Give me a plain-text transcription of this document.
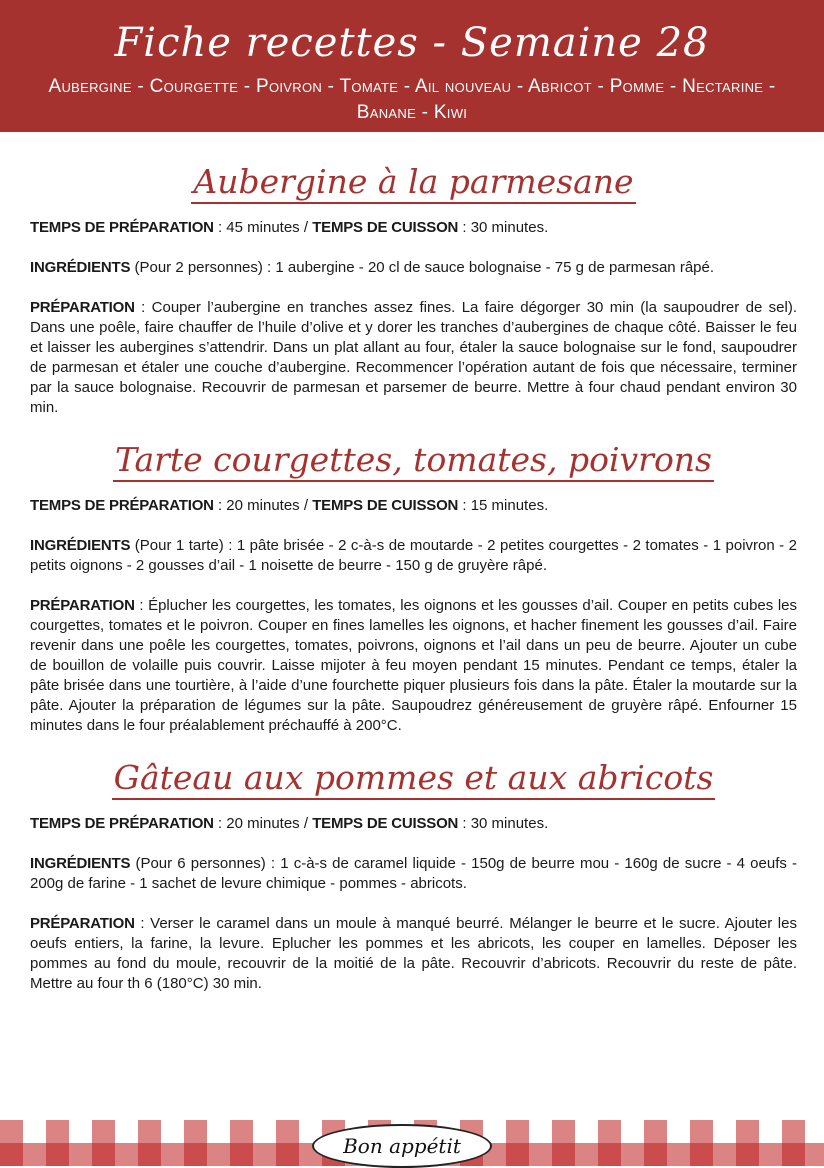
Fiche recettes - Semaine 28
Aubergine - Courgette - Poivron - Tomate - Ail nouveau - Abricot - Pomme - Nectarine - Banane - Kiwi
Aubergine à la parmesane

TEMPS DE PRÉPARATION : 45 minutes / TEMPS DE CUISSON : 30 minutes.

INGRÉDIENTS (Pour 2 personnes) : 1 aubergine - 20 cl de sauce bolognaise - 75 g de parmesan râpé.

PRÉPARATION : Couper l’aubergine en tranches assez fines. La faire dégorger 30 min (la saupoudrer de sel). Dans une poêle, faire chauffer de l’huile d’olive et y dorer les tranches d’aubergines de chaque côté. Baisser le feu et laisser les aubergines s’attendrir. Dans un plat allant au four, étaler la sauce bolognaise sur le fond, saupoudrer de parmesan et étaler une couche d’aubergine. Recommencer l’opération autant de fois que nécessaire, terminer par la sauce bolognaise. Recouvrir de parmesan et parsemer de beurre. Mettre à four chaud pendant environ 30 min.

Tarte courgettes, tomates, poivrons

TEMPS DE PRÉPARATION : 20 minutes / TEMPS DE CUISSON : 15 minutes.

INGRÉDIENTS (Pour 1 tarte) : 1 pâte brisée - 2 c-à-s de moutarde - 2 petites courgettes - 2 tomates - 1 poivron - 2 petits oignons - 2 gousses d’ail - 1 noisette de beurre - 150 g de gruyère râpé.

PRÉPARATION : Éplucher les courgettes, les tomates, les oignons et les gousses d’ail. Couper en petits cubes les courgettes, tomates et le poivron. Couper en fines lamelles les oignons, et hacher finement les gousses d’ail. Faire revenir dans une poêle les courgettes, tomates, poivrons, oignons et l’ail dans un peu de beurre. Ajouter un cube de bouillon de volaille puis couvrir. Laisse mijoter à feu moyen pendant 15 minutes. Pendant ce temps, étaler la pâte brisée dans une tourtière, à l’aide d’une fourchette piquer plusieurs fois dans la pâte. Étaler la moutarde sur la pâte. Ajouter la préparation de légumes sur la pâte. Saupoudrez généreusement de gruyère râpé. Enfourner 15 minutes dans le four préalablement préchauffé à 200°C.

Gâteau aux pommes et aux abricots

TEMPS DE PRÉPARATION : 20 minutes / TEMPS DE CUISSON : 30 minutes.

INGRÉDIENTS (Pour 6 personnes) : 1 c-à-s de caramel liquide - 150g de beurre mou - 160g de sucre - 4 oeufs - 200g de farine - 1 sachet de levure chimique - pommes - abricots.

PRÉPARATION : Verser le caramel dans un moule à manqué beurré. Mélanger le beurre et le sucre. Ajouter les oeufs entiers, la farine, la levure. Eplucher les pommes et les abricots, les couper en lamelles. Déposer les pommes au fond du moule, recouvrir de la moitié de la pâte. Recouvrir d’abricots. Recouvrir du reste de pâte. Mettre au four th 6 (180°C) 30 min.

Bon appétit
